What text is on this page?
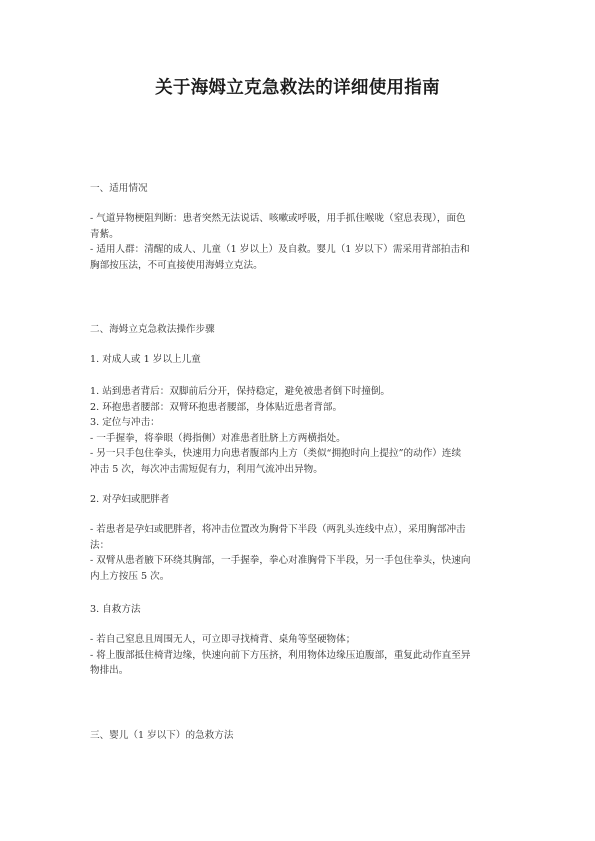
关于海姆立克急救法的详细使用指南
一、适用情况
- 气道异物梗阻判断：患者突然无法说话、咳嗽或呼吸，用手抓住喉咙（窒息表现），面色
青紫。
- 适用人群：清醒的成人、儿童（1 岁以上）及自救。婴儿（1 岁以下）需采用背部拍击和
胸部按压法，不可直接使用海姆立克法。
二、海姆立克急救法操作步骤
1. 对成人或 1 岁以上儿童
1. 站到患者背后：双脚前后分开，保持稳定，避免被患者倒下时撞倒。
2. 环抱患者腰部：双臂环抱患者腰部，身体贴近患者背部。
3. 定位与冲击：
- 一手握拳，将拳眼（拇指侧）对准患者肚脐上方两横指处。
- 另一只手包住拳头，快速用力向患者腹部内上方（类似“拥抱时向上提拉”的动作）连续
冲击 5 次，每次冲击需短促有力，利用气流冲出异物。
2. 对孕妇或肥胖者
- 若患者是孕妇或肥胖者，将冲击位置改为胸骨下半段（两乳头连线中点），采用胸部冲击
法：
- 双臂从患者腋下环绕其胸部，一手握拳，拳心对准胸骨下半段，另一手包住拳头，快速向
内上方按压 5 次。
3. 自救方法
- 若自己窒息且周围无人，可立即寻找椅背、桌角等坚硬物体；
- 将上腹部抵住椅背边缘，快速向前下方压挤，利用物体边缘压迫腹部，重复此动作直至异
物排出。
三、婴儿（1 岁以下）的急救方法
